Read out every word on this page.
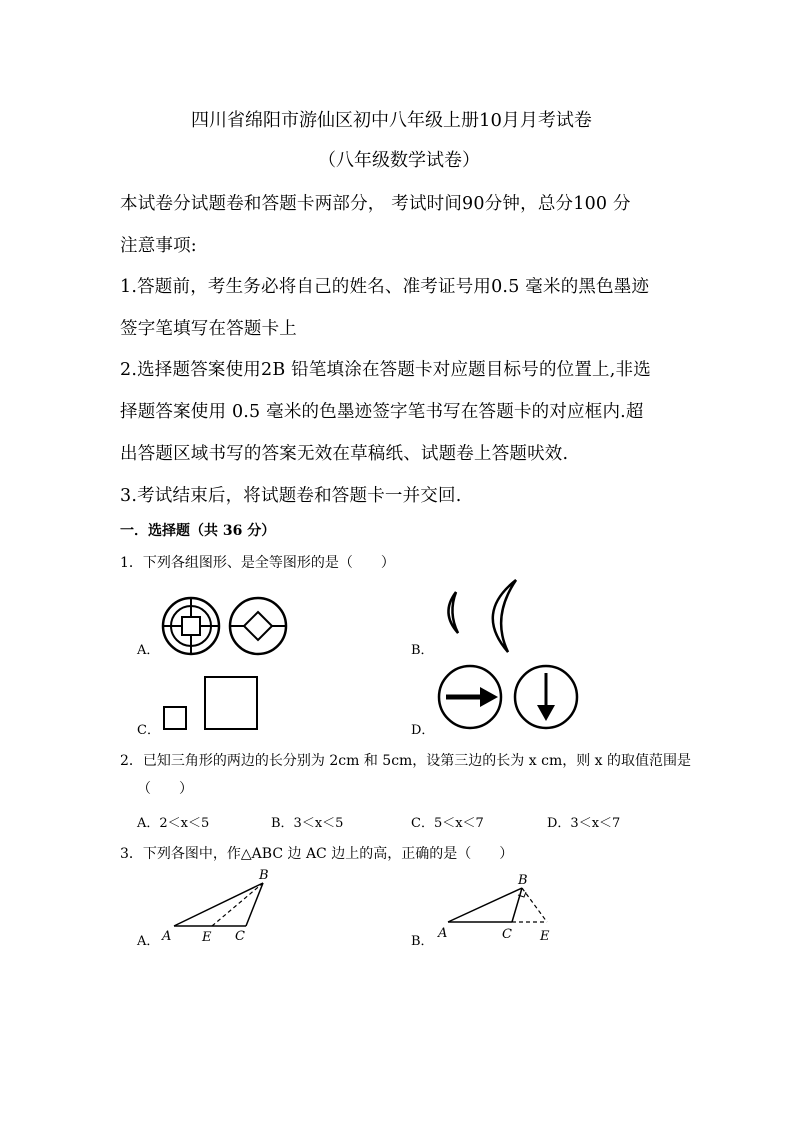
四川省绵阳市游仙区初中八年级上册10月月考试卷
（八年级数学试卷）
本试卷分试题卷和答题卡两部分， 考试时间90分钟，总分100 分
注意事项:
1.答题前，考生务必将自己的姓名、准考证号用0.5 毫米的黑色墨迹
签字笔填写在答题卡上
2.选择题答案使用2B 铅笔填涂在答题卡对应题目标号的位置上,非选
择题答案使用 0.5 毫米的色墨迹签字笔书写在答题卡的对应框内.超
出答题区域书写的答案无效在草稿纸、试题卷上答题吠效.
3.考试结束后，将试题卷和答题卡一并交回.
一．选择题（共 36 分）
1．下列各组图形、是全等图形的是（　　）
A．	B．
C．	D．
2．已知三角形的两边的长分别为 2cm 和 5cm，设第三边的长为 x cm，则 x 的取值范围是
（　　）
A．2＜x＜5	B．3＜x＜5	C．5＜x＜7	D．3＜x＜7
3．下列各图中，作△ABC 边 AC 边上的高，正确的是（　　）
A． A E C
B
B．
A	C E
B
